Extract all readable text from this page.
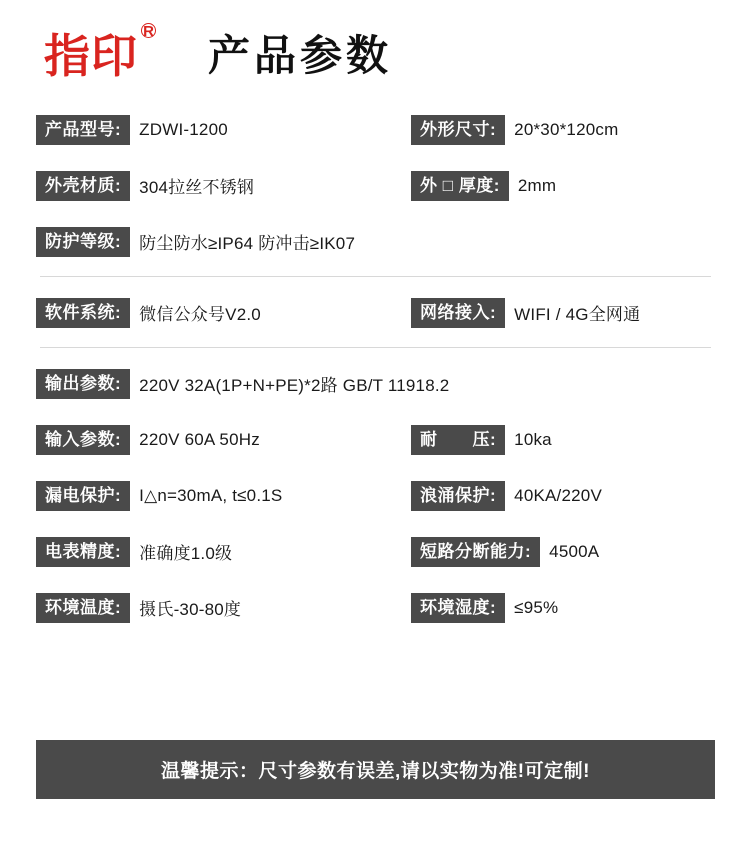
指印 R 产品参数
产品型号:	ZDWI-1200	外形尺寸:	20*30*120cm
外壳材质:	304拉丝不锈钢	外 □ 厚度:	2mm
防护等级:	防尘防水≥IP64 防冲击≥IK07
软件系统:	微信公众号V2.0	网络接入:	WIFI / 4G全网通
输出参数:	220V 32A(1P+N+PE)*2路 GB/T 11918.2
输入参数:	220V 60A 50Hz	耐　　压:	10ka
漏电保护:	I△n=30mA, t≤0.1S	浪涌保护:	40KA/220V
电表精度:	准确度1.0级	短路分断能力:	4500A
环境温度:	摄氏-30-80度	环境湿度:	≤95%
温馨提示：尺寸参数有误差,请以实物为准!可定制!
